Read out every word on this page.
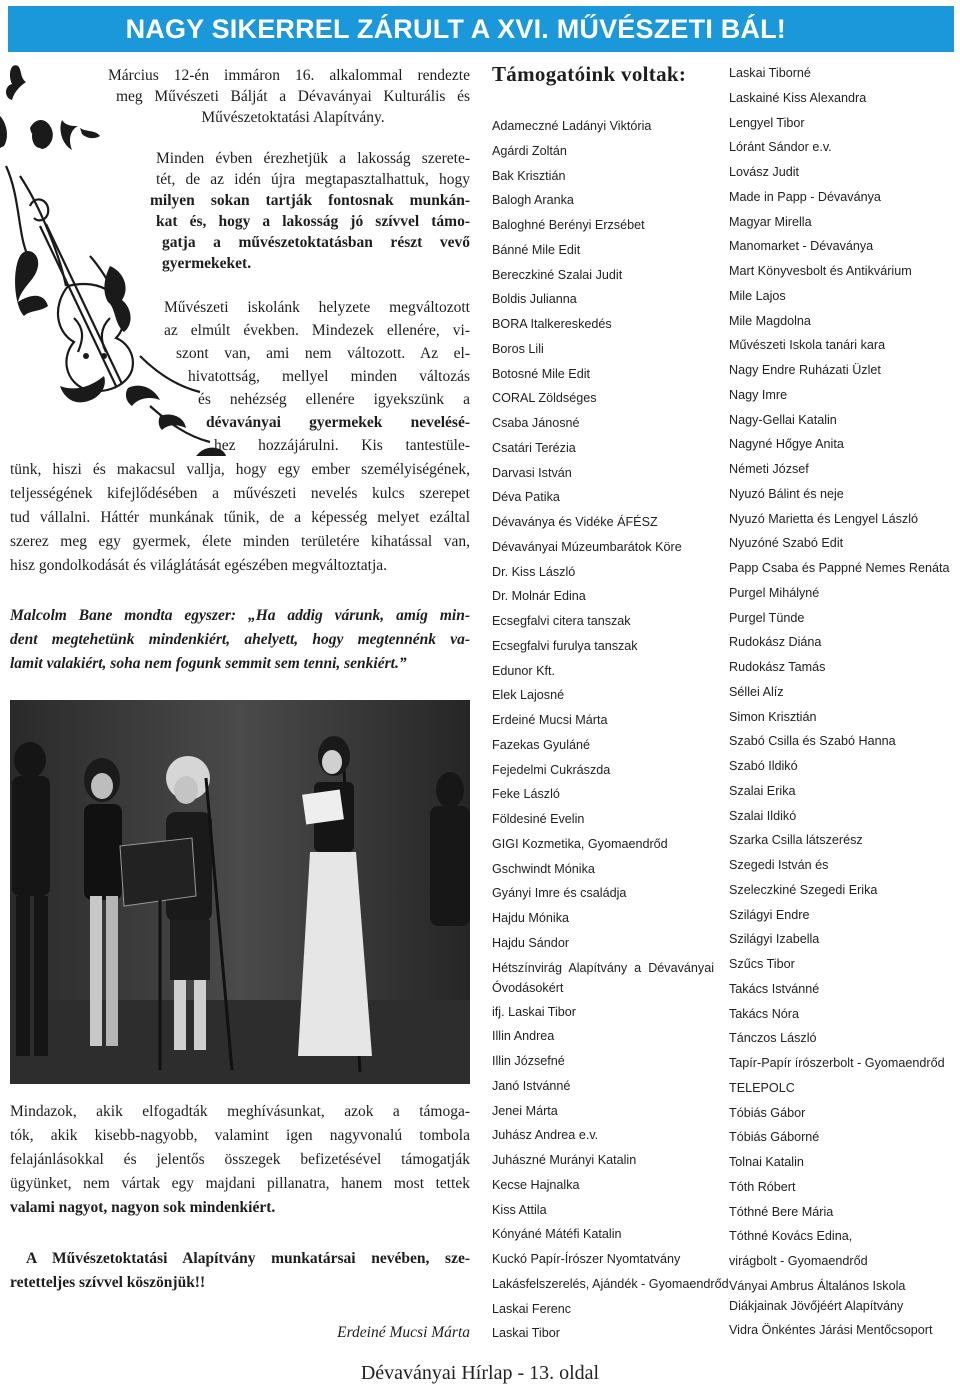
NAGY SIKERREL ZÁRULT A XVI. MŰVÉSZETI BÁL!
Március 12-én immáron 16. alkalommal rendezte
meg Művészeti Bálját a Dévaványai Kulturális és
Művészetoktatási Alapítvány.
Minden évben érezhetjük a lakosság szerete-
tét, de az idén újra megtapasztalhattuk, hogy
milyen sokan tartják fontosnak munkán-
kat és, hogy a lakosság jó szívvel támo-
gatja a művészetoktatásban részt vevő
gyermekeket.
Művészeti iskolánk helyzete megváltozott
az elmúlt években. Mindezek ellenére, vi-
szont van, ami nem változott. Az el-
hivatottság, mellyel minden változás
és nehézség ellenére igyekszünk a
dévaványai gyermekek nevelésé-
hez hozzájárulni. Kis tantestüle-
tünk, hiszi és makacsul vallja, hogy egy ember személyiségének,
teljességének kifejlődésében a művészeti nevelés kulcs szerepet
tud vállalni. Háttér munkának tűnik, de a képesség melyet ezáltal
szerez meg egy gyermek, élete minden területére kihatással van,
hisz gondolkodását és világlátását egészében megváltoztatja.
Malcolm Bane mondta egyszer: „Ha addig várunk, amíg min-
dent megtehetünk mindenkiért, ahelyett, hogy megtennénk va-
lamit valakiért, soha nem fogunk semmit sem tenni, senkiért.”
Mindazok, akik elfogadták meghívásunkat, azok a támoga-
tók, akik kisebb-nagyobb, valamint igen nagyvonalú tombola
felajánlásokkal és jelentős összegek befizetésével támogatják
ügyünket, nem vártak egy majdani pillanatra, hanem most tettek
valami nagyot, nagyon sok mindenkiért.
A Művészetoktatási Alapítvány munkatársai nevében, sze-
retetteljes szívvel köszönjük!!
Erdeiné Mucsi Márta
Támogatóink voltak:
Adameczné Ladányi Viktória
Agárdi Zoltán
Bak Krisztián
Balogh Aranka
Baloghné Berényi Erzsébet
Bánné Mile Edit
Bereczkiné Szalai Judit
Boldis Julianna
BORA Italkereskedés
Boros Lili
Botosné Mile Edit
CORAL Zöldséges
Csaba Jánosné
Csatári Terézia
Darvasi István
Déva Patika
Dévaványa és Vidéke ÁFÉSZ
Dévaványai Múzeumbarátok Köre
Dr. Kiss László
Dr. Molnár Edina
Ecsegfalvi citera tanszak
Ecsegfalvi furulya tanszak
Edunor Kft.
Elek Lajosné
Erdeiné Mucsi Márta
Fazekas Gyuláné
Fejedelmi Cukrászda
Feke László
Földesiné Evelin
GIGI Kozmetika, Gyomaendrőd
Gschwindt Mónika
Gyányi Imre és családja
Hajdu Mónika
Hajdu Sándor
Hétszínvirág Alapítvány a Dévaványai
Óvodásokért
ifj. Laskai Tibor
Illin Andrea
Illin Józsefné
Janó Istvánné
Jenei Márta
Juhász Andrea e.v.
Juhászné Murányi Katalin
Kecse Hajnalka
Kiss Attila
Kónyáné Mátéfi Katalin
Kuckó Papír-Írószer Nyomtatvány
Lakásfelszerelés, Ajándék - Gyomaendrőd
Laskai Ferenc
Laskai Tibor
Laskai Tiborné
Laskainé Kiss Alexandra
Lengyel Tibor
Lóránt Sándor e.v.
Lovász Judit
Made in Papp - Dévaványa
Magyar Mirella
Manomarket - Dévaványa
Mart Könyvesbolt és Antikvárium
Mile Lajos
Mile Magdolna
Művészeti Iskola tanári kara
Nagy Endre Ruházati Üzlet
Nagy Imre
Nagy-Gellai Katalin
Nagyné Hőgye Anita
Németi József
Nyuzó Bálint és neje
Nyuzó Marietta és Lengyel László
Nyuzóné Szabó Edit
Papp Csaba és Pappné Nemes Renáta
Purgel Mihályné
Purgel Tünde
Rudokász Diána
Rudokász Tamás
Séllei Alíz
Simon Krisztián
Szabó Csilla és Szabó Hanna
Szabó Ildikó
Szalai Erika
Szalai Ildikó
Szarka Csilla látszerész
Szegedi István és
Szeleczkiné Szegedi Erika
Szilágyi Endre
Szilágyi Izabella
Szűcs Tibor
Takács Istvánné
Takács Nóra
Tánczos László
Tapír-Papír írószerbolt - Gyomaendrőd
TELEPOLC
Tóbiás Gábor
Tóbiás Gáborné
Tolnai Katalin
Tóth Róbert
Tóthné Bere Mária
Tóthné Kovács Edina,
virágbolt - Gyomaendrőd
Ványai Ambrus Általános Iskola
Diákjainak Jövőjéért Alapítvány
Vidra Önkéntes Járási Mentőcsoport
Dévaványai Hírlap - 13. oldal
